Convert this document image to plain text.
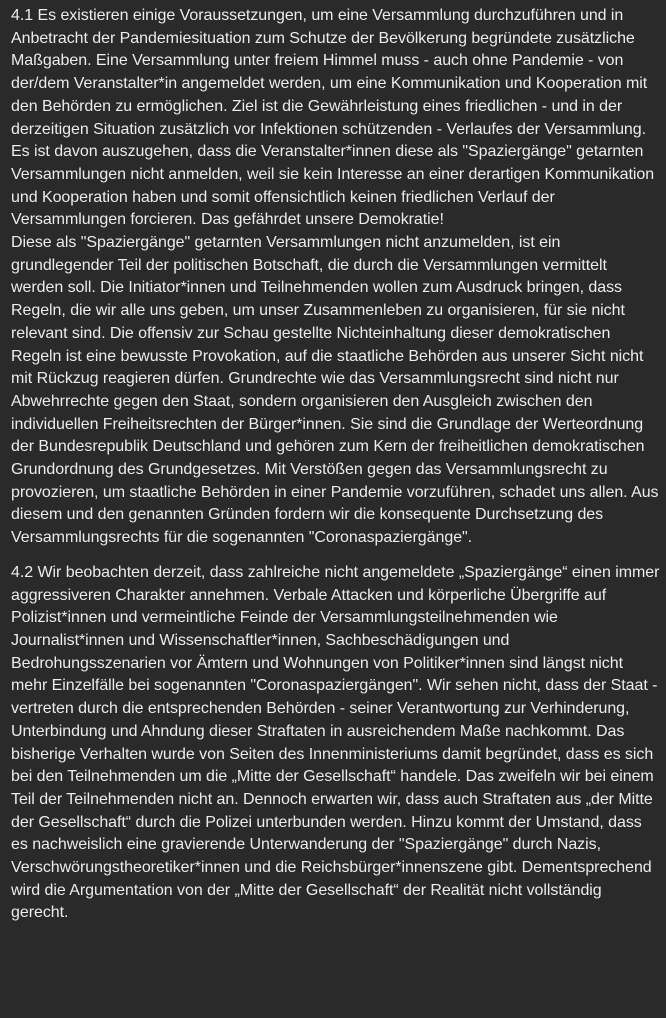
4.1 Es existieren einige Voraussetzungen, um eine Versammlung durchzuführen und in Anbetracht der Pandemiesituation zum Schutze der Bevölkerung begründete zusätzliche Maßgaben. Eine Versammlung unter freiem Himmel muss - auch ohne Pandemie - von der/dem Veranstalter*in angemeldet werden, um eine Kommunikation und Kooperation mit den Behörden zu ermöglichen. Ziel ist die Gewährleistung eines friedlichen - und in der derzeitigen Situation zusätzlich vor Infektionen schützenden - Verlaufes der Versammlung. Es ist davon auszugehen, dass die Veranstalter*innen diese als "Spaziergänge" getarnten Versammlungen nicht anmelden, weil sie kein Interesse an einer derartigen Kommunikation und Kooperation haben und somit offensichtlich keinen friedlichen Verlauf der Versammlungen forcieren. Das gefährdet unsere Demokratie!

Diese als "Spaziergänge" getarnten Versammlungen nicht anzumelden, ist ein grundlegender Teil der politischen Botschaft, die durch die Versammlungen vermittelt werden soll. Die Initiator*innen und Teilnehmenden wollen zum Ausdruck bringen, dass Regeln, die wir alle uns geben, um unser Zusammenleben zu organisieren, für sie nicht relevant sind. Die offensiv zur Schau gestellte Nichteinhaltung dieser demokratischen Regeln ist eine bewusste Provokation, auf die staatliche Behörden aus unserer Sicht nicht mit Rückzug reagieren dürfen. Grundrechte wie das Versammlungsrecht sind nicht nur Abwehrrechte gegen den Staat, sondern organisieren den Ausgleich zwischen den individuellen Freiheitsrechten der Bürger*innen. Sie sind die Grundlage der Werteordnung der Bundesrepublik Deutschland und gehören zum Kern der freiheitlichen demokratischen Grundordnung des Grundgesetzes. Mit Verstößen gegen das Versammlungsrecht zu provozieren, um staatliche Behörden in einer Pandemie vorzuführen, schadet uns allen. Aus diesem und den genannten Gründen fordern wir die konsequente Durchsetzung des Versammlungsrechts für die sogenannten "Coronaspaziergänge".

4.2 Wir beobachten derzeit, dass zahlreiche nicht angemeldete „Spaziergänge“ einen immer aggressiveren Charakter annehmen. Verbale Attacken und körperliche Übergriffe auf Polizist*innen und vermeintliche Feinde der Versammlungsteilnehmenden wie Journalist*innen und Wissenschaftler*innen, Sachbeschädigungen und Bedrohungsszenarien vor Ämtern und Wohnungen von Politiker*innen sind längst nicht mehr Einzelfälle bei sogenannten "Coronaspaziergängen". Wir sehen nicht, dass der Staat - vertreten durch die entsprechenden Behörden - seiner Verantwortung zur Verhinderung, Unterbindung und Ahndung dieser Straftaten in ausreichendem Maße nachkommt. Das bisherige Verhalten wurde von Seiten des Innenministeriums damit begründet, dass es sich bei den Teilnehmenden um die „Mitte der Gesellschaft“ handele. Das zweifeln wir bei einem Teil der Teilnehmenden nicht an. Dennoch erwarten wir, dass auch Straftaten aus „der Mitte der Gesellschaft“ durch die Polizei unterbunden werden. Hinzu kommt der Umstand, dass es nachweislich eine gravierende Unterwanderung der "Spaziergänge" durch Nazis, Verschwörungstheoretiker*innen und die Reichsbürger*innenszene gibt. Dementsprechend wird die Argumentation von der „Mitte der Gesellschaft“ der Realität nicht vollständig gerecht.
